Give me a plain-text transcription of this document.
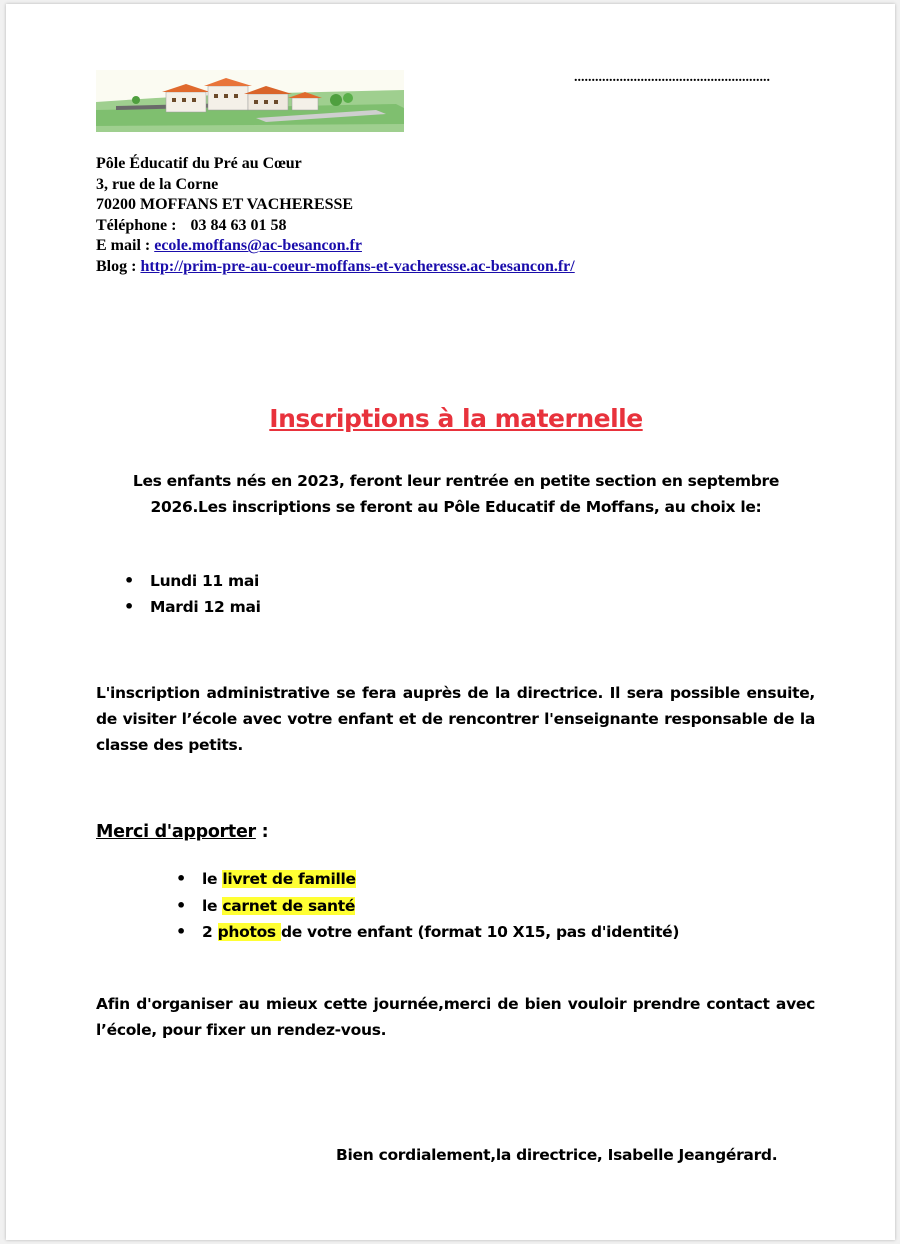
........................................................
Pôle Éducatif du Pré au Cœur
3, rue de la Corne
70200 MOFFANS ET VACHERESSE
Téléphone : 03 84 63 01 58
E mail : ecole.moffans@ac-besancon.fr
Blog : http://prim-pre-au-coeur-moffans-et-vacheresse.ac-besancon.fr/
Inscriptions à la maternelle
Les enfants nés en 2023, feront leur rentrée en petite section en septembre 2026.Les inscriptions se feront au Pôle Educatif de Moffans, au choix le:
• Lundi 11 mai
• Mardi 12 mai
L'inscription administrative se fera auprès de la directrice. Il sera possible ensuite, de visiter l’école avec votre enfant et de rencontrer l'enseignante responsable de la classe des petits.
Merci d'apporter :
• le livret de famille
• le carnet de santé
• 2 photos de votre enfant (format 10 X15, pas d'identité)
Afin d'organiser au mieux cette journée,merci de bien vouloir prendre contact avec l’école, pour fixer un rendez-vous.
Bien cordialement,la directrice, Isabelle Jeangérard.
